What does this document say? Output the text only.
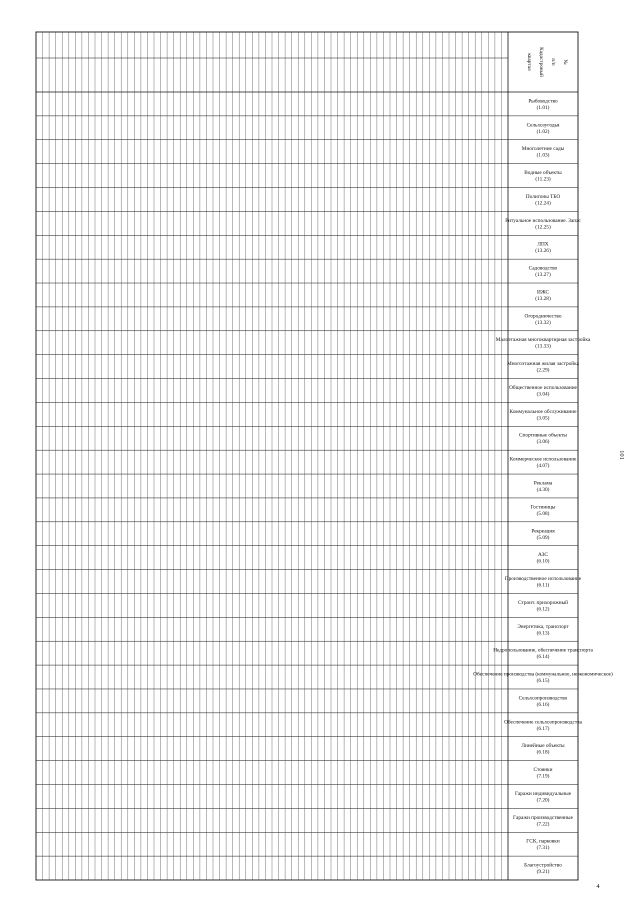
№
п/п
Кадастровый
квартал
Рыбоводство
(1.01)
Сельхозугодья
(1.02)
Многолетние сады
(1.03)
Водные объекты
(11.23)
Полигоны ТБО
(12.24)
Ритуальное использование. Запас
(12.25)
ЛПХ
(13.26)
Садоводство
(13.27)
ИЖС
(13.28)
Огородничество
(13.32)
Малоэтажная многоквартирная застройка
(13.33)
Многоэтажная жилая застройка
(2.29)
Общественное использование
(3.04)
Коммунальное обслуживание
(3.05)
Спортивные объекты
(3.06)
Коммерческое использование
(4.07)
Реклама
(4.30)
Гостиницы
(5.08)
Рекреация
(5.09)
АЗС
(6.10)
Производственное использование
(6.11)
Строит. прихорожный
(6.12)
Энергетика, транспорт
(6.13)
Недропользование, обеспечение транспорта
(6.14)
Обеспечение производства (коммунальное, неэкономическое)
(6.15)
Сельхозпроизводство
(6.16)
Обеспечение сельхозпроизводства
(6.17)
Линейные объекты
(6.18)
Стоянки
(7.19)
Гаражи индивидуальные
(7.20)
Гаражи производственные
(7.22)
ГСК, парковки
(7.31)
Благоустройство
(9.21)
101
4
